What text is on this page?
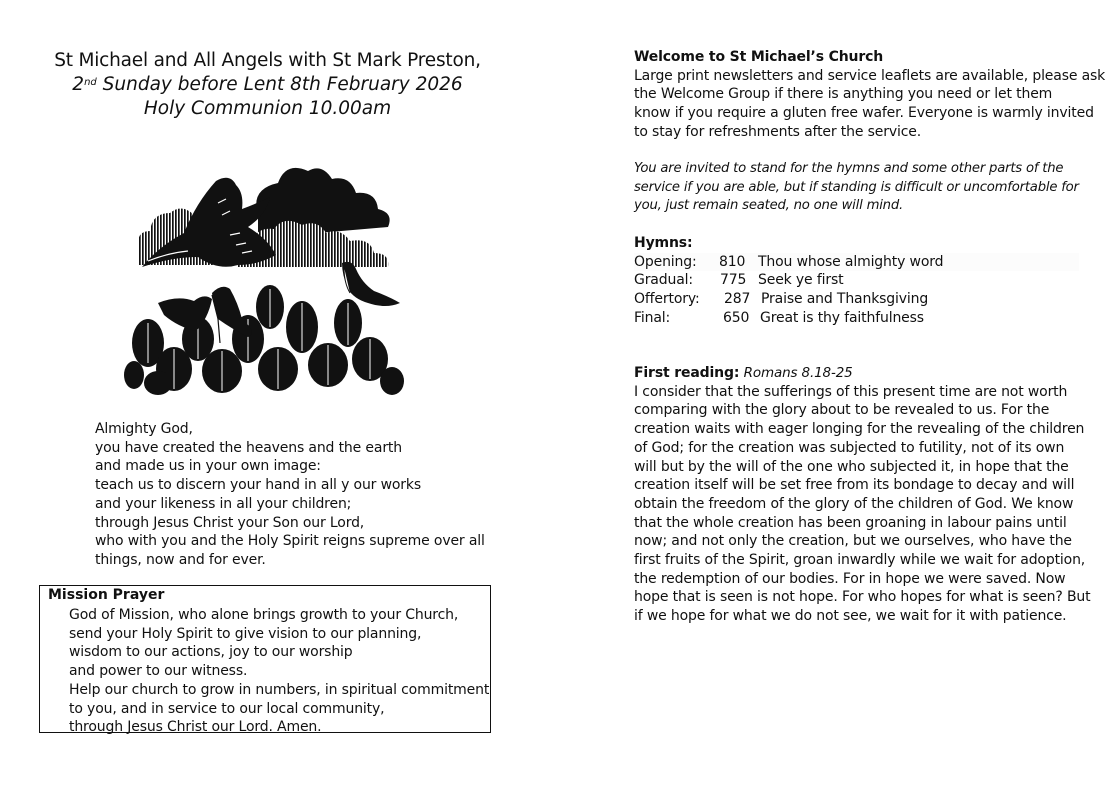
St Michael and All Angels with St Mark Preston,
2nd Sunday before Lent 8th February 2026
Holy Communion 10.00am
Almighty God,
you have created the heavens and the earth
and made us in your own image:
teach us to discern your hand in all y our works
and your likeness in all your children;
through Jesus Christ your Son our Lord,
who with you and the Holy Spirit reigns supreme over all
things, now and for ever.
Mission Prayer
God of Mission, who alone brings growth to your Church,
send your Holy Spirit to give vision to our planning,
wisdom to our actions, joy to our worship
and power to our witness.
Help our church to grow in numbers, in spiritual commitment
to you, and in service to our local community,
through Jesus Christ our Lord. Amen.
Welcome to St Michael’s Church
Large print newsletters and service leaflets are available, please ask
the Welcome Group if there is anything you need or let them
know if you require a gluten free wafer. Everyone is warmly invited
to stay for refreshments after the service.
You are invited to stand for the hymns and some other parts of the
service if you are able, but if standing is difficult or uncomfortable for
you, just remain seated, no one will mind.
Hymns:
Opening: 810 Thou whose almighty word
Gradual: 775 Seek ye first
Offertory: 287 Praise and Thanksgiving
Final:	650 Great is thy faithfulness
First reading: Romans 8.18-25
I consider that the sufferings of this present time are not worth
comparing with the glory about to be revealed to us. For the
creation waits with eager longing for the revealing of the children
of God; for the creation was subjected to futility, not of its own
will but by the will of the one who subjected it, in hope that the
creation itself will be set free from its bondage to decay and will
obtain the freedom of the glory of the children of God. We know
that the whole creation has been groaning in labour pains until
now; and not only the creation, but we ourselves, who have the
first fruits of the Spirit, groan inwardly while we wait for adoption,
the redemption of our bodies. For in hope we were saved. Now
hope that is seen is not hope. For who hopes for what is seen? But
if we hope for what we do not see, we wait for it with patience.
